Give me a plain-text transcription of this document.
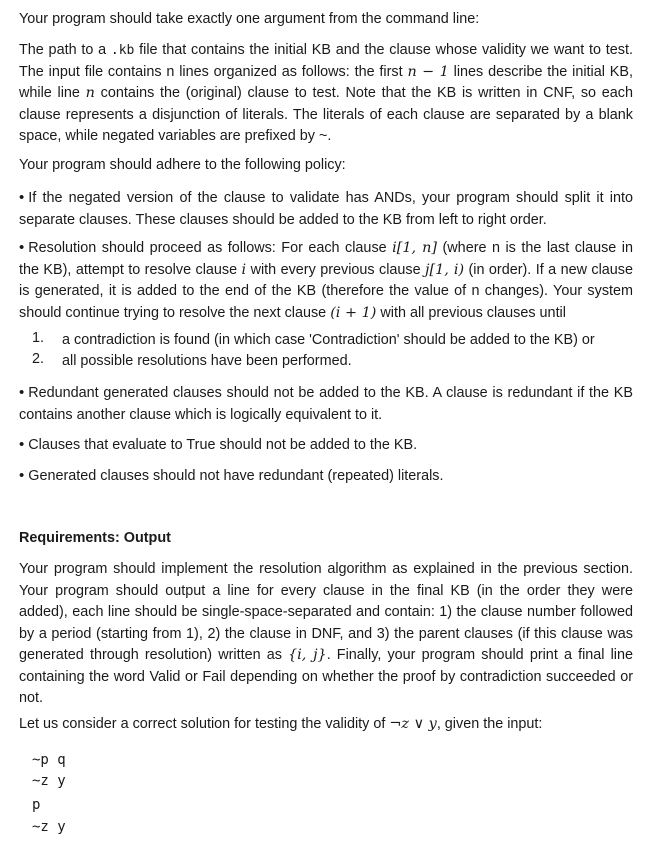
Your program should take exactly one argument from the command line:

The path to a .kb file that contains the initial KB and the clause whose validity we want to test. The input file contains n lines organized as follows: the first n − 1 lines describe the initial KB, while line n contains the (original) clause to test. Note that the KB is written in CNF, so each clause represents a disjunction of literals. The literals of each clause are separated by a blank space, while negated variables are prefixed by ~.

Your program should adhere to the following policy:

• If the negated version of the clause to validate has ANDs, your program should split it into separate clauses. These clauses should be added to the KB from left to right order.

• Resolution should proceed as follows: For each clause i[1, n] (where n is the last clause in the KB), attempt to resolve clause i with every previous clause j[1, i) (in order). If a new clause is generated, it is added to the end of the KB (therefore the value of n changes). Your system should continue trying to resolve the next clause (i + 1) with all previous clauses until

1.	a contradiction is found (in which case 'Contradiction' should be added to the KB) or
2.	all possible resolutions have been performed.

• Redundant generated clauses should not be added to the KB. A clause is redundant if the KB contains another clause which is logically equivalent to it.

• Clauses that evaluate to True should not be added to the KB.

• Generated clauses should not have redundant (repeated) literals.

Requirements: Output

Your program should implement the resolution algorithm as explained in the previous section. Your program should output a line for every clause in the final KB (in the order they were added), each line should be single-space-separated and contain: 1) the clause number followed by a period (starting from 1), 2) the clause in DNF, and 3) the parent clauses (if this clause was generated through resolution) written as {i, j}. Finally, your program should print a final line containing the word Valid or Fail depending on whether the proof by contradiction succeeded or not.

Let us consider a correct solution for testing the validity of ¬z ∨ y, given the input:

~p q
~z y
p
~z y
